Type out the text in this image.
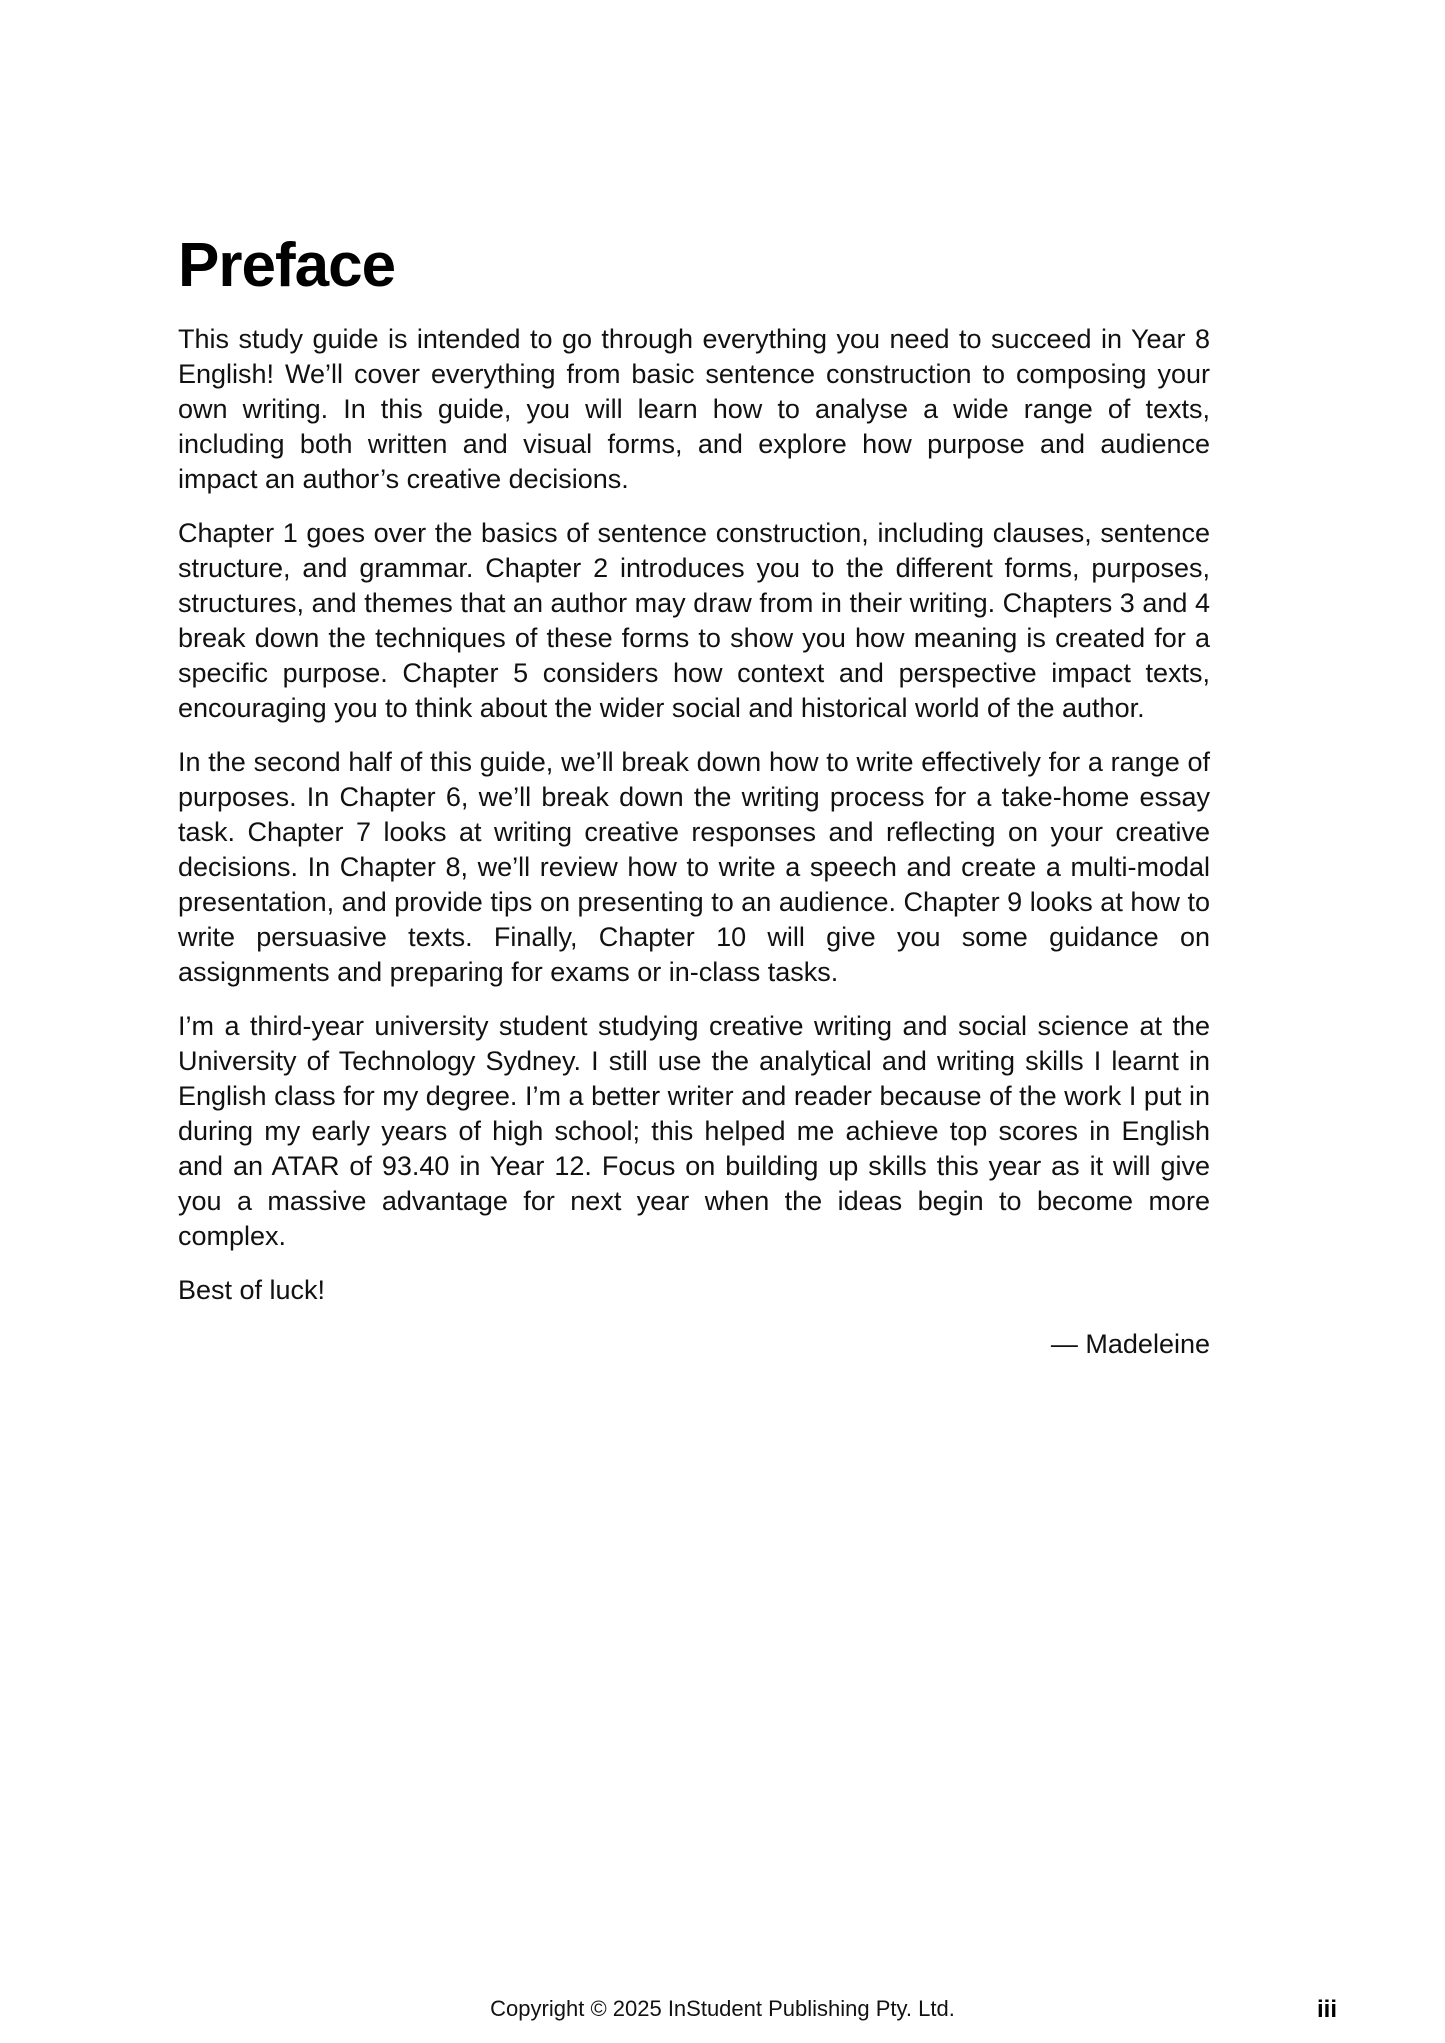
Preface

This study guide is intended to go through everything you need to succeed in Year 8 English! We’ll cover everything from basic sentence construction to composing your own writing. In this guide, you will learn how to analyse a wide range of texts, including both written and visual forms, and explore how purpose and audience impact an author’s creative decisions.

Chapter 1 goes over the basics of sentence construction, including clauses, sentence structure, and grammar. Chapter 2 introduces you to the different forms, purposes, structures, and themes that an author may draw from in their writing. Chapters 3 and 4 break down the techniques of these forms to show you how meaning is created for a specific purpose. Chapter 5 considers how context and perspective impact texts, encouraging you to think about the wider social and historical world of the author.

In the second half of this guide, we’ll break down how to write effectively for a range of purposes. In Chapter 6, we’ll break down the writing process for a take-home essay task. Chapter 7 looks at writing creative responses and reflecting on your creative decisions. In Chapter 8, we’ll review how to write a speech and create a multi-modal presentation, and provide tips on presenting to an audience. Chapter 9 looks at how to write persuasive texts. Finally, Chapter 10 will give you some guidance on assignments and preparing for exams or in-class tasks.

I’m a third-year university student studying creative writing and social science at the University of Technology Sydney. I still use the analytical and writing skills I learnt in English class for my degree. I’m a better writer and reader because of the work I put in during my early years of high school; this helped me achieve top scores in English and an ATAR of 93.40 in Year 12. Focus on building up skills this year as it will give you a massive advantage for next year when the ideas begin to become more complex.

Best of luck!

— Madeleine
Copyright © 2025 InStudent Publishing Pty. Ltd.	iii
